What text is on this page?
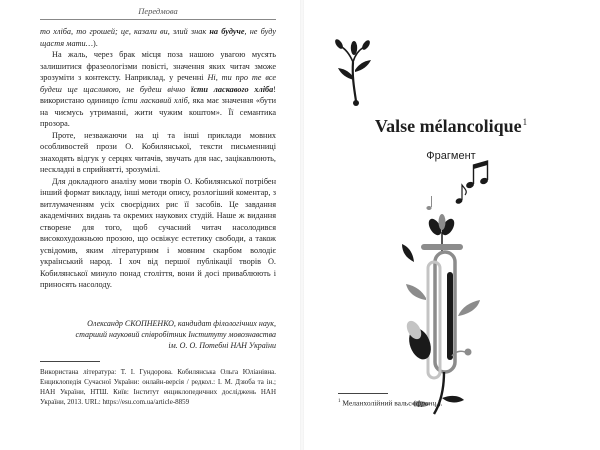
Передмова

то хліба, то грошей; це, казали ви, злий знак на будуче, не буду щастя мати…).

На жаль, через брак місця поза нашою увагою мусять залишитися фразеологізми повісті, значення яких читач зможе зрозуміти з контексту. Наприклад, у реченні Ні, ти про те все будеш ще щасливою, не будеш вічно їсти ласкавого хліба! використано одиницю їсти ласкавий хліб, яка має значення «бути на чиємусь утриманні, жити чужим коштом». Її семантика прозора.

Проте, незважаючи на ці та інші приклади мовних особливостей прози О. Кобилянської, тексти письменниці знаходять відгук у серцях читачів, звучать для нас, зацікавлюють, нескладні в сприйнятті, зрозумілі.

Для докладного аналізу мови творів О. Кобилянської потрібен інший формат викладу, інші методи опису, розлогіший коментар, з витлумаченням усіх своєрідних рис її засобів. Це завдання академічних видань та окремих наукових студій. Наше ж видання створене для того, щоб сучасний читач насолодився високохудожньою прозою, що освіжує естетику свободи, а також усвідомив, яким літературним і мовним скарбом володіє український народ. І хоч від першої публікації творів О. Кобилянської минуло понад століття, вони й досі приваблюють і приносять насолоду.

Олександр СКОПНЕНКО, кандидат філологічних наук,

старший науковий співробітник Інституту мовознавства

ім. О. О. Потебні НАН України

Використана література: Т. І. Гундорова. Кобилянська Ольга Юліанівна. Енциклопедія Сучасної України: онлайн-версія / редкол.: І. М. Дзюба та ін.; НАН України, НТШ. Київ: Інститут енциклопедичних досліджень НАН України, 2013. URL: https://esu.com.ua/article-8859

Valse mélancolique$^1$
Фрагмент
$^1$ Меланхолійний вальс (франц.).
